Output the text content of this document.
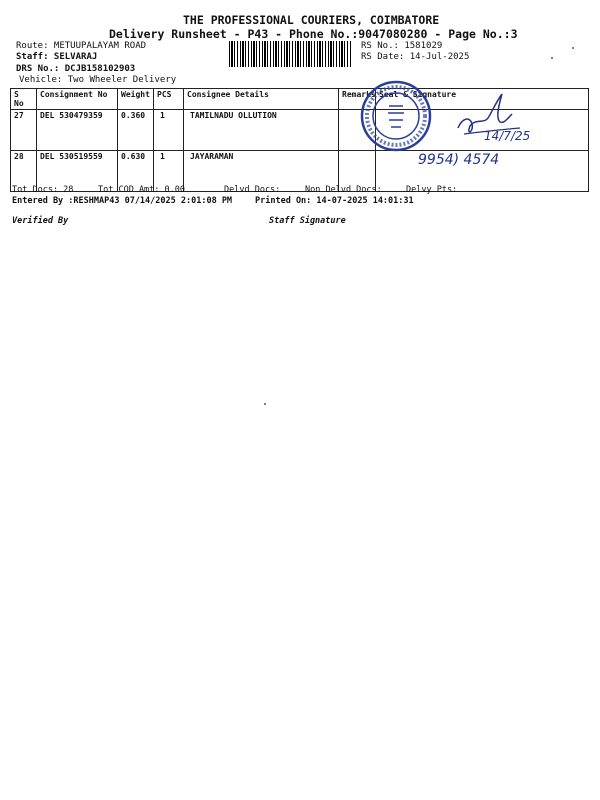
THE PROFESSIONAL COURIERS, COIMBATORE
Delivery Runsheet - P43 - Phone No.:9047080280 - Page No.:3
Route: METUUPALAYAM ROAD
Staff: SELVARAJ
DRS No.: DCJB158102903
Vehicle: Two Wheeler Delivery
RS No.: 1581029
RS Date: 14-Jul-2025
S No	Consignment No	Weight	PCS	Consignee Details	Remarks	Seal & Signature
27	DEL 530479359	0.360	1	TAMILNADU OLLUTION		
28	DEL 530519559	0.630	1	JAYARAMAN		
14/7/25
9954) 4574
Tot Docs: 28	Tot COD Amt: 0.00	Delvd Docs:	Non Delvd Docs:	Delvy Pts:
Entered By :RESHMAP43 07/14/2025 2:01:08 PM	Printed On: 14-07-2025 14:01:31
Verified By	Staff Signature
